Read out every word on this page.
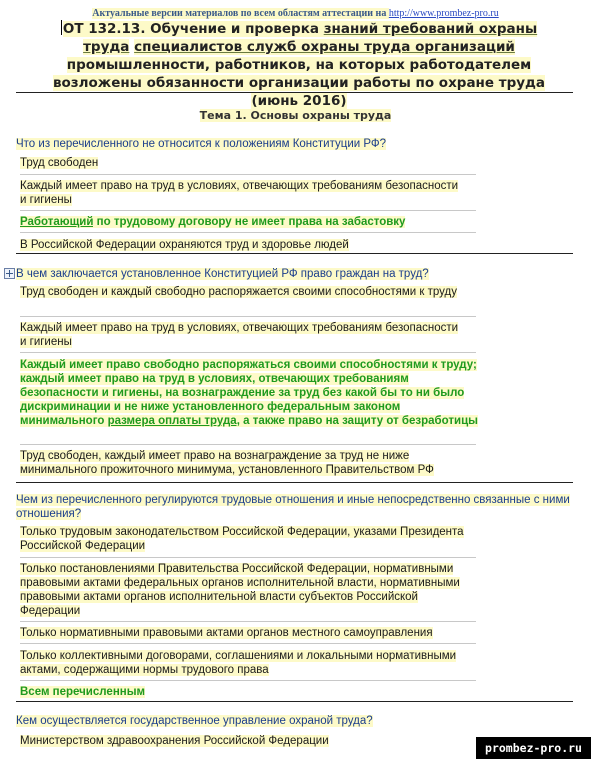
Актуальные версии материалов по всем областям аттестации на http://www.prombez-pro.ru
ОТ 132.13. Обучение и проверка знаний требований охраны труда специалистов служб охраны труда организаций промышленности, работников, на которых работодателем возложены обязанности организации работы по охране труда (июнь 2016)
Тема 1. Основы охраны труда
Что из перечисленного не относится к положениям Конституции РФ?
Труд свободен
Каждый имеет право на труд в условиях, отвечающих требованиям безопасности и гигиены
Работающий по трудовому договору не имеет права на забастовку
В Российской Федерации охраняются труд и здоровье людей
В чем заключается установленное Конституцией РФ право граждан на труд?
Труд свободен и каждый свободно распоряжается своими способностями к труду
Каждый имеет право на труд в условиях, отвечающих требованиям безопасности и гигиены
Каждый имеет право свободно распоряжаться своими способностями к труду; каждый имеет право на труд в условиях, отвечающих требованиям безопасности и гигиены, на вознаграждение за труд без какой бы то ни было дискриминации и не ниже установленного федеральным законом минимального размера оплаты труда, а также право на защиту от безработицы
Труд свободен, каждый имеет право на вознаграждение за труд не ниже минимального прожиточного минимума, установленного Правительством РФ
Чем из перечисленного регулируются трудовые отношения и иные непосредственно связанные с ними отношения?
Только трудовым законодательством Российской Федерации, указами Президента Российской Федерации
Только постановлениями Правительства Российской Федерации, нормативными правовыми актами федеральных органов исполнительной власти, нормативными правовыми актами органов исполнительной власти субъектов Российской Федерации
Только нормативными правовыми актами органов местного самоуправления
Только коллективными договорами, соглашениями и локальными нормативными актами, содержащими нормы трудового права
Всем перечисленным
Кем осуществляется государственное управление охраной труда?
Министерством здравоохранения Российской Федерации	prombez-pro.ru
